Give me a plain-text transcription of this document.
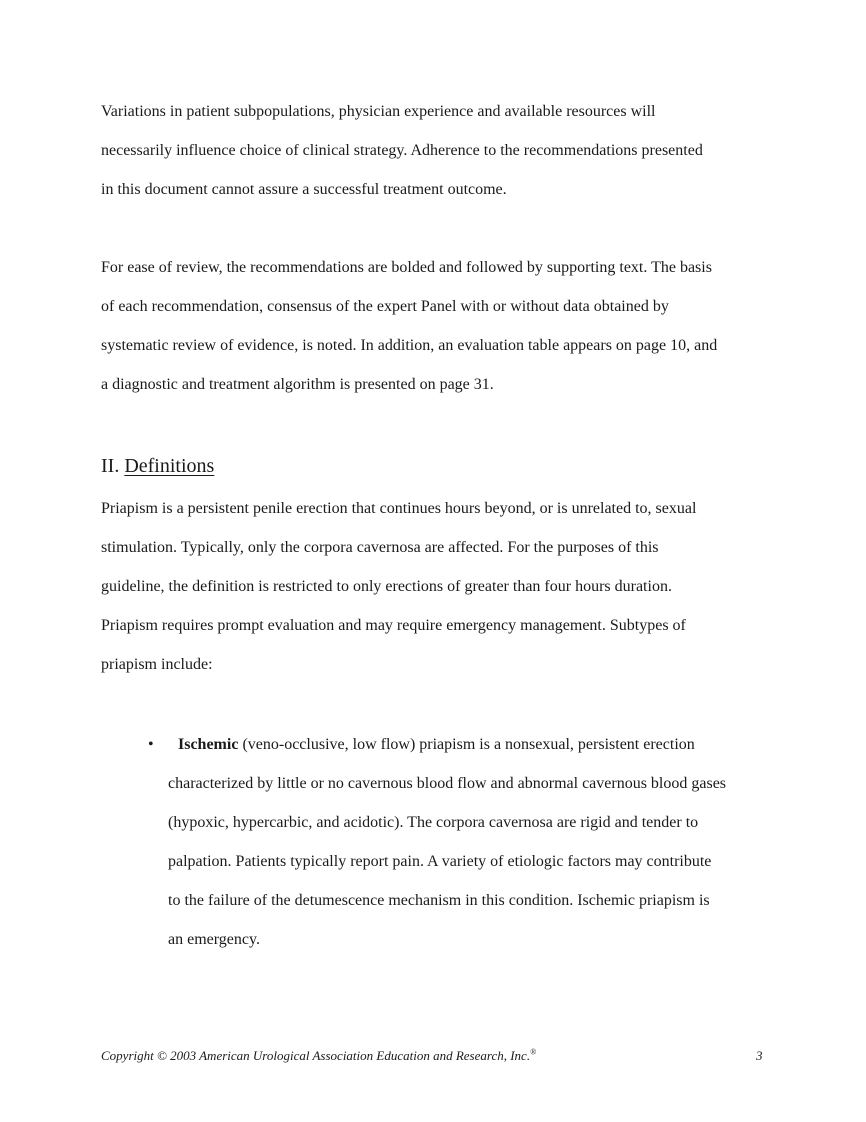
Variations in patient subpopulations, physician experience and available resources will
necessarily influence choice of clinical strategy. Adherence to the recommendations presented
in this document cannot assure a successful treatment outcome.
For ease of review, the recommendations are bolded and followed by supporting text. The basis
of each recommendation, consensus of the expert Panel with or without data obtained by
systematic review of evidence, is noted. In addition, an evaluation table appears on page 10, and
a diagnostic and treatment algorithm is presented on page 31.
II. Definitions
Priapism is a persistent penile erection that continues hours beyond, or is unrelated to, sexual
stimulation. Typically, only the corpora cavernosa are affected. For the purposes of this
guideline, the definition is restricted to only erections of greater than four hours duration.
Priapism requires prompt evaluation and may require emergency management. Subtypes of
priapism include:
• Ischemic (veno-occlusive, low flow) priapism is a nonsexual, persistent erection
characterized by little or no cavernous blood flow and abnormal cavernous blood gases
(hypoxic, hypercarbic, and acidotic). The corpora cavernosa are rigid and tender to
palpation. Patients typically report pain. A variety of etiologic factors may contribute
to the failure of the detumescence mechanism in this condition. Ischemic priapism is
an emergency.
Copyright © 2003 American Urological Association Education and Research, Inc.®	3
